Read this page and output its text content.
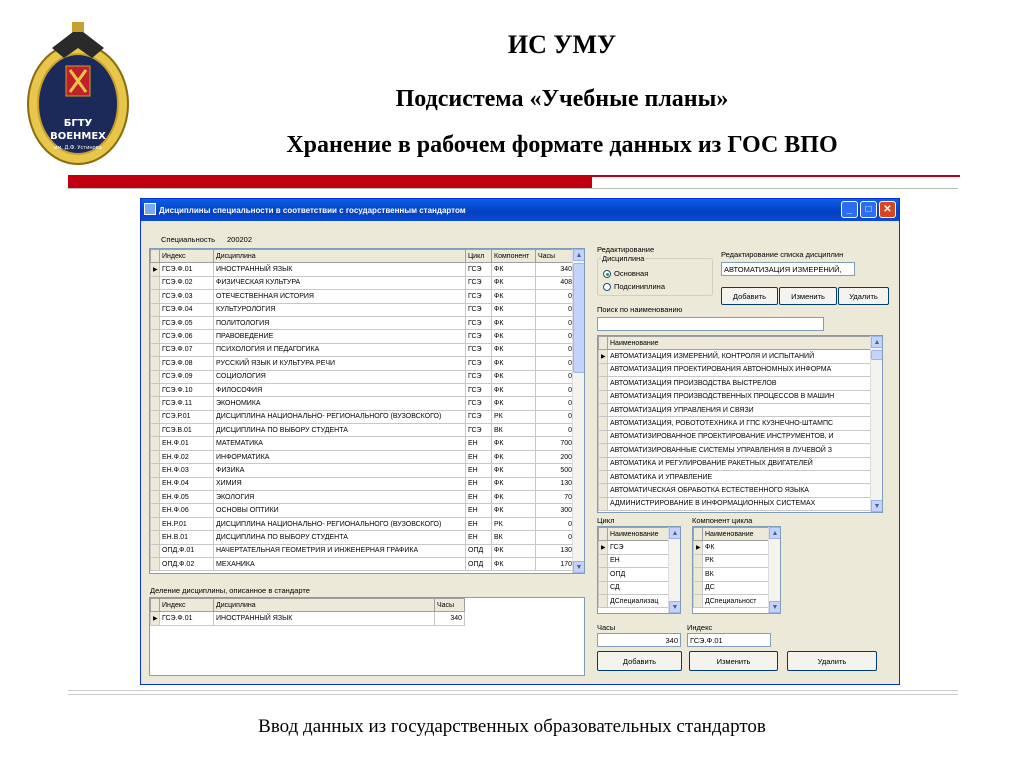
БГТУ
ВОЕНМЕХ
им. Д.Ф. Устинова
ИС УМУ
Подсистема «Учебные планы»
Хранение в рабочем формате данных из ГОС ВПО
Дисциплины специальности в соответствии с государственным стандартом	_	□	✕
Специальность 200202
	Индекс	Дисциплина	Цикл	Компонент	Часы
▶	ГСЭ.Ф.01	ИНОСТРАННЫЙ ЯЗЫК	ГСЭ	ФК	340
	ГСЭ.Ф.02	ФИЗИЧЕСКАЯ КУЛЬТУРА	ГСЭ	ФК	408
	ГСЭ.Ф.03	ОТЕЧЕСТВЕННАЯ ИСТОРИЯ	ГСЭ	ФК	0
	ГСЭ.Ф.04	КУЛЬТУРОЛОГИЯ	ГСЭ	ФК	0
	ГСЭ.Ф.05	ПОЛИТОЛОГИЯ	ГСЭ	ФК	0
	ГСЭ.Ф.06	ПРАВОВЕДЕНИЕ	ГСЭ	ФК	0
	ГСЭ.Ф.07	ПСИХОЛОГИЯ И ПЕДАГОГИКА	ГСЭ	ФК	0
	ГСЭ.Ф.08	РУССКИЙ ЯЗЫК И КУЛЬТУРА РЕЧИ	ГСЭ	ФК	0
	ГСЭ.Ф.09	СОЦИОЛОГИЯ	ГСЭ	ФК	0
	ГСЭ.Ф.10	ФИЛОСОФИЯ	ГСЭ	ФК	0
	ГСЭ.Ф.11	ЭКОНОМИКА	ГСЭ	ФК	0
	ГСЭ.Р.01	ДИСЦИПЛИНА НАЦИОНАЛЬНО- РЕГИОНАЛЬНОГО (ВУЗОВСКОГО)	ГСЭ	РК	0
	ГСЭ.В.01	ДИСЦИПЛИНА ПО ВЫБОРУ СТУДЕНТА	ГСЭ	ВК	0
	ЕН.Ф.01	МАТЕМАТИКА	ЕН	ФК	700
	ЕН.Ф.02	ИНФОРМАТИКА	ЕН	ФК	200
	ЕН.Ф.03	ФИЗИКА	ЕН	ФК	500
	ЕН.Ф.04	ХИМИЯ	ЕН	ФК	130
	ЕН.Ф.05	ЭКОЛОГИЯ	ЕН	ФК	70
	ЕН.Ф.06	ОСНОВЫ ОПТИКИ	ЕН	ФК	300
	ЕН.Р.01	ДИСЦИПЛИНА НАЦИОНАЛЬНО- РЕГИОНАЛЬНОГО (ВУЗОВСКОГО)	ЕН	РК	0
	ЕН.В.01	ДИСЦИПЛИНА ПО ВЫБОРУ СТУДЕНТА	ЕН	ВК	0
	ОПД.Ф.01	НАЧЕРТАТЕЛЬНАЯ ГЕОМЕТРИЯ И ИНЖЕНЕРНАЯ ГРАФИКА	ОПД	ФК	130
	ОПД.Ф.02	МЕХАНИКА	ОПД	ФК	170
▲
▼
Деление дисциплины, описанное в стандарте
	Индекс	Дисциплина	Часы
▶	ГСЭ.Ф.01	ИНОСТРАННЫЙ ЯЗЫК	340
Редактирование
Дисциплина
Основная
Подсиниплина
Редактирование списка дисциплин
АВТОМАТИЗАЦИЯ ИЗМЕРЕНИЙ,
Добавить	Изменить	Удалить
Поиск по наименованию
	Наименование
▶	АВТОМАТИЗАЦИЯ ИЗМЕРЕНИЙ, КОНТРОЛЯ И ИСПЫТАНИЙ
	АВТОМАТИЗАЦИЯ ПРОЕКТИРОВАНИЯ АВТОНОМНЫХ ИНФОРМА
	АВТОМАТИЗАЦИЯ ПРОИЗВОДСТВА ВЫСТРЕЛОВ
	АВТОМАТИЗАЦИЯ ПРОИЗВОДСТВЕННЫХ ПРОЦЕССОВ В МАШИН
	АВТОМАТИЗАЦИЯ УПРАВЛЕНИЯ И СВЯЗИ
	АВТОМАТИЗАЦИЯ, РОБОТОТЕХНИКА И ГПС КУЗНЕЧНО-ШТАМПС
	АВТОМАТИЗИРОВАННОЕ ПРОЕКТИРОВАНИЕ ИНСТРУМЕНТОВ, И
	АВТОМАТИЗИРОВАННЫЕ СИСТЕМЫ УПРАВЛЕНИЯ В ЛУЧЕВОЙ З
	АВТОМАТИКА И РЕГУЛИРОВАНИЕ РАКЕТНЫХ ДВИГАТЕЛЕЙ
	АВТОМАТИКА И УПРАВЛЕНИЕ
	АВТОМАТИЧЕСКАЯ ОБРАБОТКА ЕСТЕСТВЕННОГО ЯЗЫКА
	АДМИНИСТРИРОВАНИЕ В ИНФОРМАЦИОННЫХ СИСТЕМАХ
▲
▼
Цикл
	Наименование
▶	ГСЭ
	ЕН
	ОПД
	СД
	ДСпециализац
▲
▼
Компонент цикла
	Наименование
▶	ФК
	РК
	ВК
	ДС
	ДСпециальност
▲
▼
Часы
340
Индекс
ГСЭ.Ф.01
Добавить	Изменить	Удалить
Ввод данных из государственных образовательных стандартов
